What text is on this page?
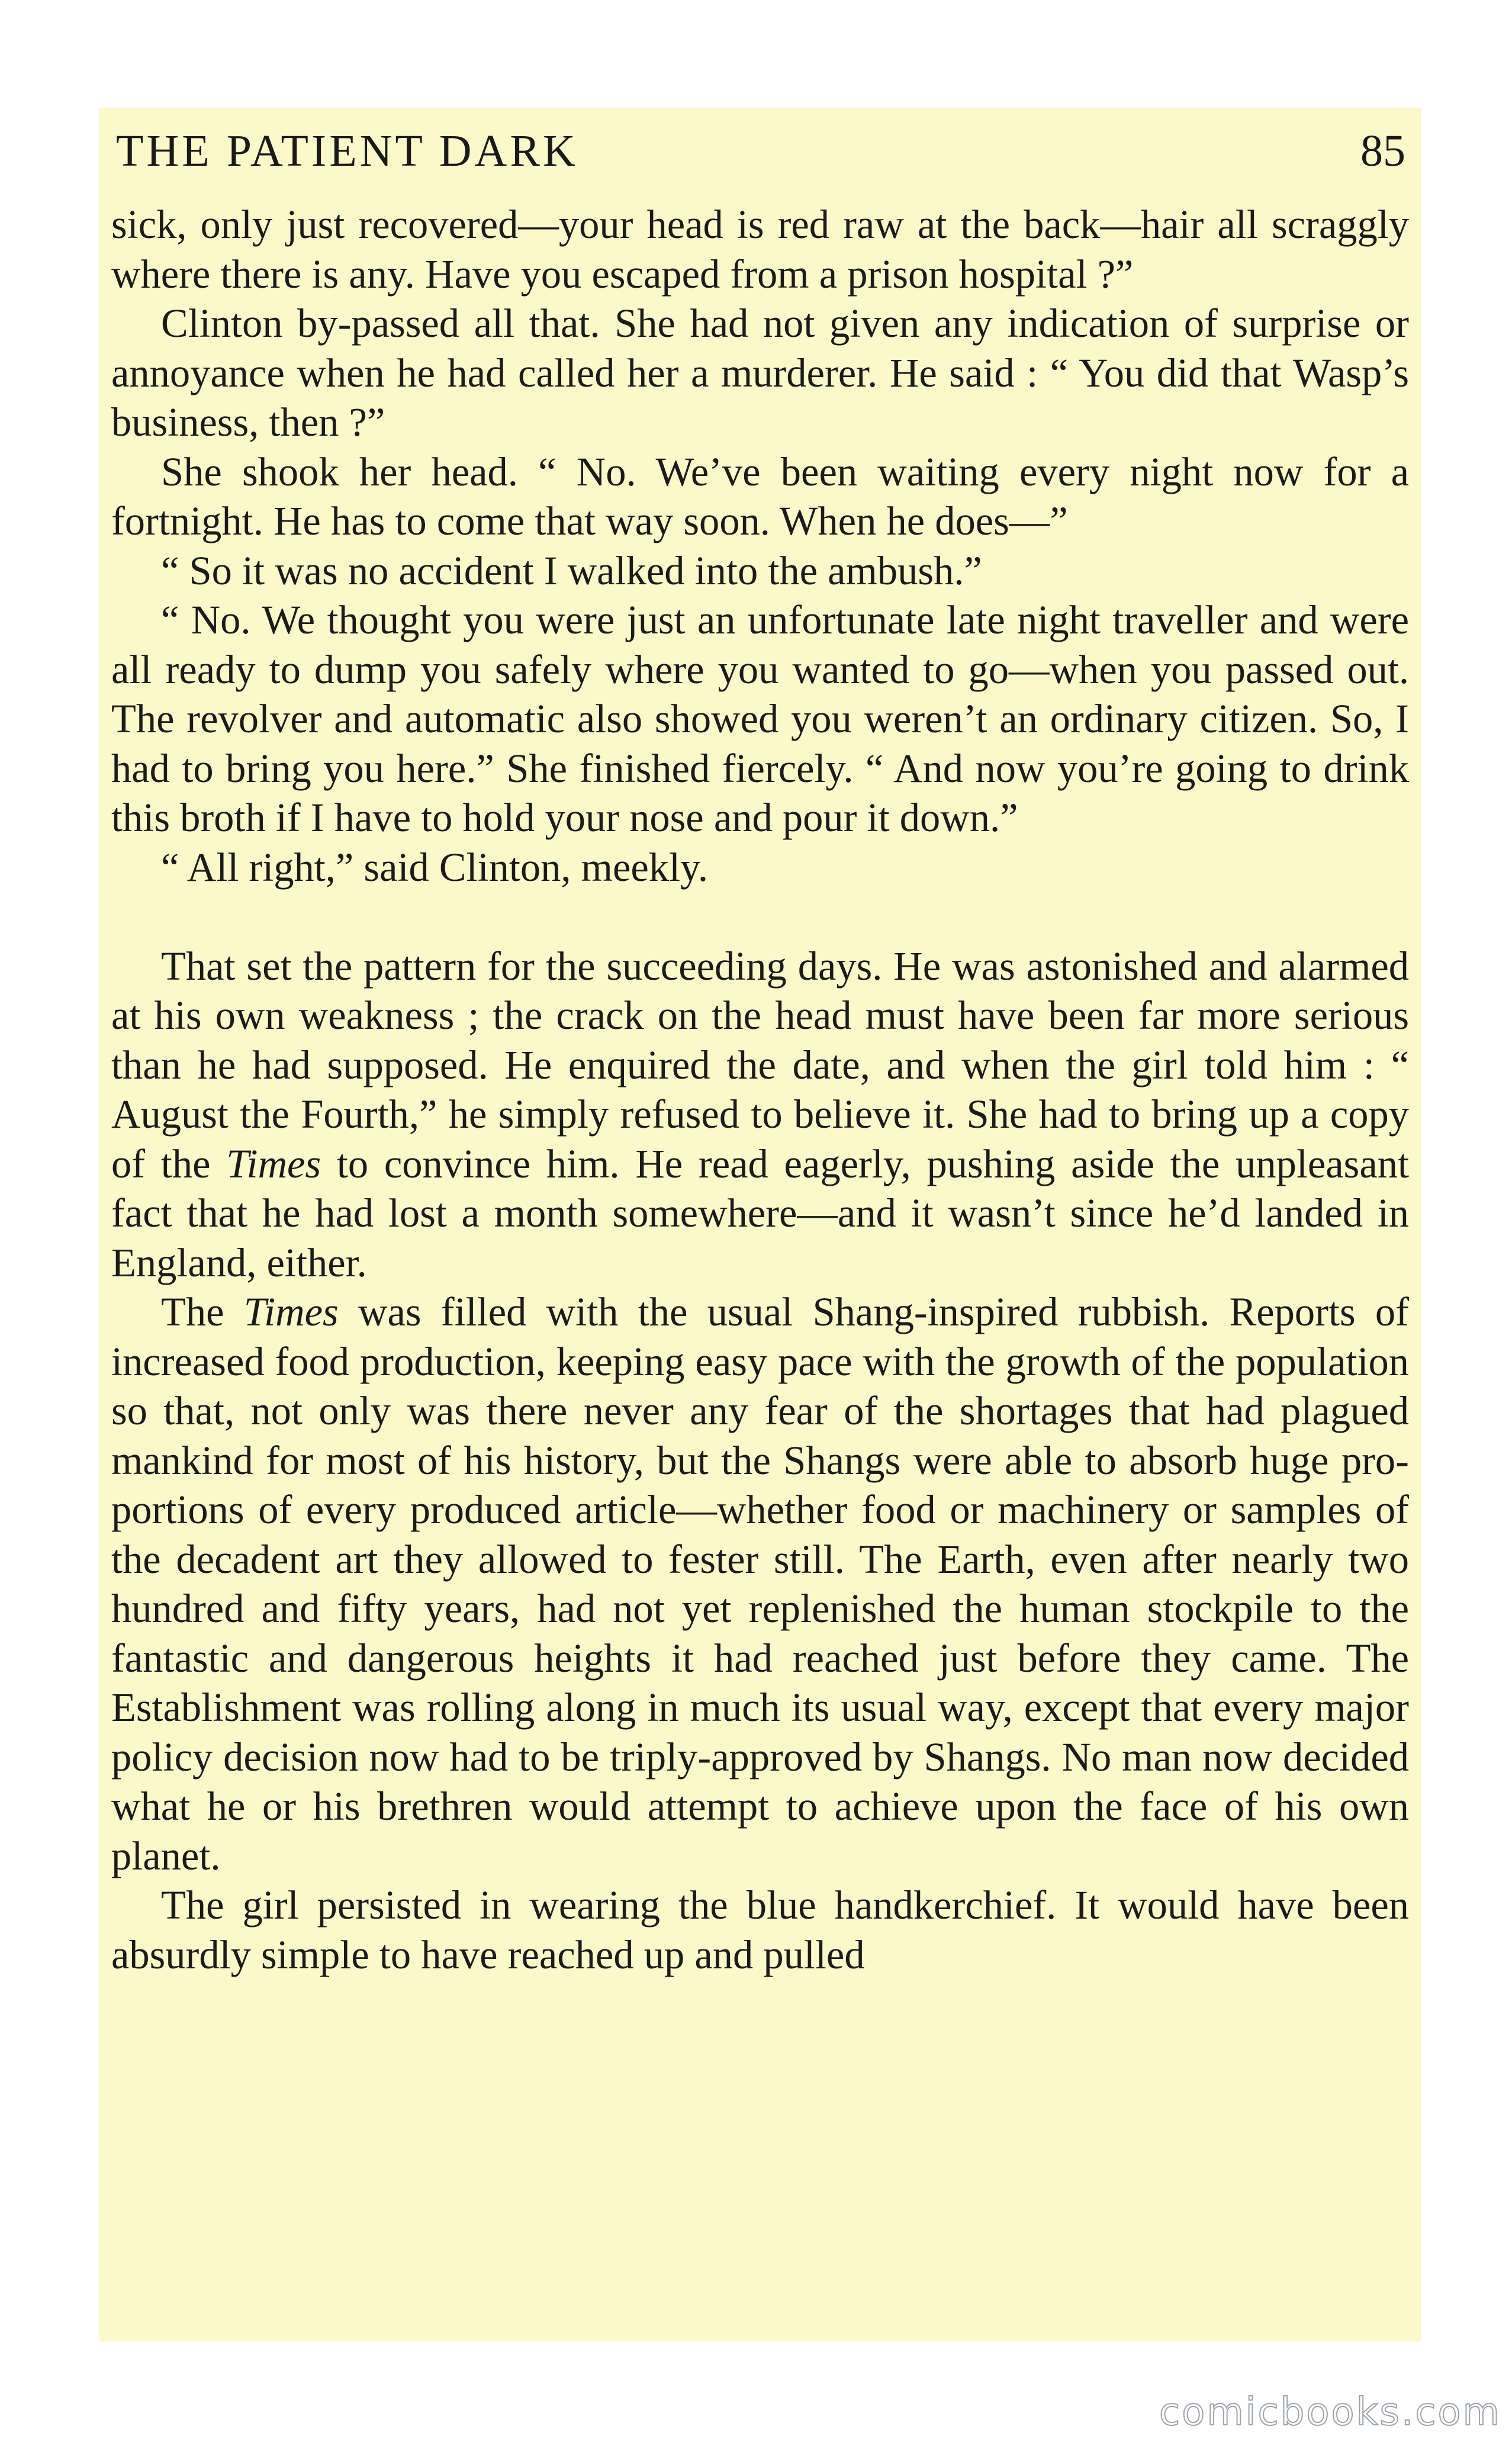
THE PATIENT DARK	85

sick, only just recovered—your head is red raw at the back—hair all scraggly where there is any. Have you escaped from a prison hospital ?”

Clinton by-passed all that. She had not given any indication of surprise or annoyance when he had called her a murderer. He said : “ You did that Wasp’s business, then ?”

She shook her head. “ No. We’ve been waiting every night now for a fortnight. He has to come that way soon. When he does—”

“ So it was no accident I walked into the ambush.”

“ No. We thought you were just an unfortunate late night traveller and were all ready to dump you safely where you wanted to go—when you passed out. The revolver and automatic also showed you weren’t an ordinary citizen. So, I had to bring you here.” She finished fiercely. “ And now you’re going to drink this broth if I have to hold your nose and pour it down.”

“ All right,” said Clinton, meekly.

That set the pattern for the succeeding days. He was astonished and alarmed at his own weakness ; the crack on the head must have been far more serious than he had supposed. He enquired the date, and when the girl told him : “ August the Fourth,” he simply refused to believe it. She had to bring up a copy of the Times to convince him. He read eagerly, pushing aside the unpleasant fact that he had lost a month somewhere—and it wasn’t since he’d landed in England, either.

The Times was filled with the usual Shang-inspired rubbish. Reports of increased food production, keeping easy pace with the growth of the population so that, not only was there never any fear of the shortages that had plagued mankind for most of his history, but the Shangs were able to absorb huge pro-portions of every produced article—whether food or machinery or samples of the decadent art they allowed to fester still. The Earth, even after nearly two hundred and fifty years, had not yet replenished the human stockpile to the fantastic and dangerous heights it had reached just before they came. The Establishment was rolling along in much its usual way, except that every major policy decision now had to be triply-approved by Shangs. No man now decided what he or his brethren would attempt to achieve upon the face of his own planet.

The girl persisted in wearing the blue handkerchief. It would have been absurdly simple to have reached up and pulled

comicbooks.com
